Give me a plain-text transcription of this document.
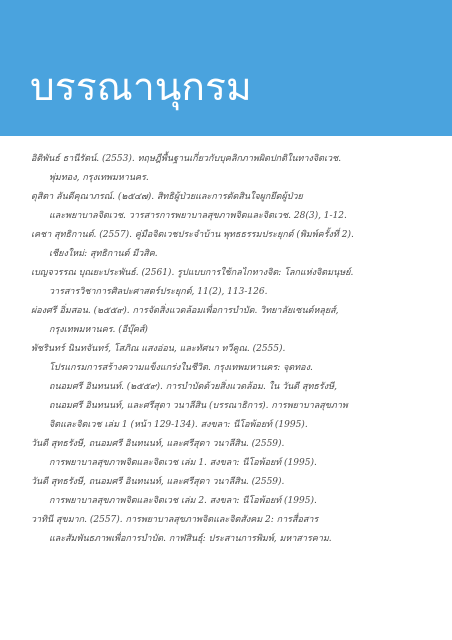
บรรณานุกรม
อิติพันธ์ ธานีรัตน์. (2553). ทฤษฎีพื้นฐานเกี่ยวกับบุคลิกภาพผิดปกติในทางจิตเวช.
พุ่มทอง, กรุงเทพมหานคร.
ดุสิตา ลันดีคุณาภรณ์. (๒๕๔๗). สิทธิผู้ป่วยและการตัดสินใจผูกยึดผู้ป่วย
และพยาบาลจิตเวช. วารสารการพยาบาลสุขภาพจิตและจิตเวช. 28(3), 1-12.
เคชา สุทธิกานต์. (2557). คู่มือจิตเวชประจำบ้าน พุทธธรรมประยุกต์ (พิมพ์ครั้งที่ 2).
เชียงใหม่: สุทธิกานต์ มีวสิค.
เบญจวรรณ บุณยะประพันธ์. (2561). รูปแบบการใช้กลไกทางจิต: โลกแห่งจิตมนุษย์.
วารสารวิชาการศิลปะศาสตร์ประยุกต์, 11(2), 113-126.
ผ่องศรี อิ่มสอน. (๒๕๕๙). การจัดสิ่งแวดล้อมเพื่อการบำบัด. วิทยาลัยเซนต์หลุยส์,
กรุงเทพมหานคร. (อีบุ๊คส์)
พัชรินทร์ นินทจันทร์, โสภิณ แสงอ่อน, และทัศนา ทวีคูณ. (2555).
โปรแกรมการสร้างความแข็งแกร่งในชีวิต. กรุงเทพมหานคร: จุดทอง.
ถนอมศรี อินทนนท์. (๒๕๕๙). การบำบัดด้วยสิ่งแวดล้อม. ใน วันดี สุทธรังษี,
ถนอมศรี อินทนนท์, และศรีสุดา วนาลีสิน (บรรณาธิการ). การพยาบาลสุขภาพ
จิตและจิตเวช เล่ม 1 (หน้า 129-134). สงขลา: นีโอพ้อยท์ (1995).
วันดี สุทธรังษี, ถนอมศรี อินทนนท์, และศรีสุดา วนาลีสิน. (2559).
การพยาบาลสุขภาพจิตและจิตเวช เล่ม 1. สงขลา: นีโอพ้อยท์ (1995).
วันดี สุทธรังษี, ถนอมศรี อินทนนท์, และศรีสุดา วนาลีสิน. (2559).
การพยาบาลสุขภาพจิตและจิตเวช เล่ม 2. สงขลา: นีโอพ้อยท์ (1995).
วาทินี สุขมาก. (2557). การพยาบาลสุขภาพจิตและจิตสังคม 2: การสื่อสาร
และสัมพันธภาพเพื่อการบำบัด. กาฬสินธุ์: ประสานการพิมพ์, มหาสารคาม.
